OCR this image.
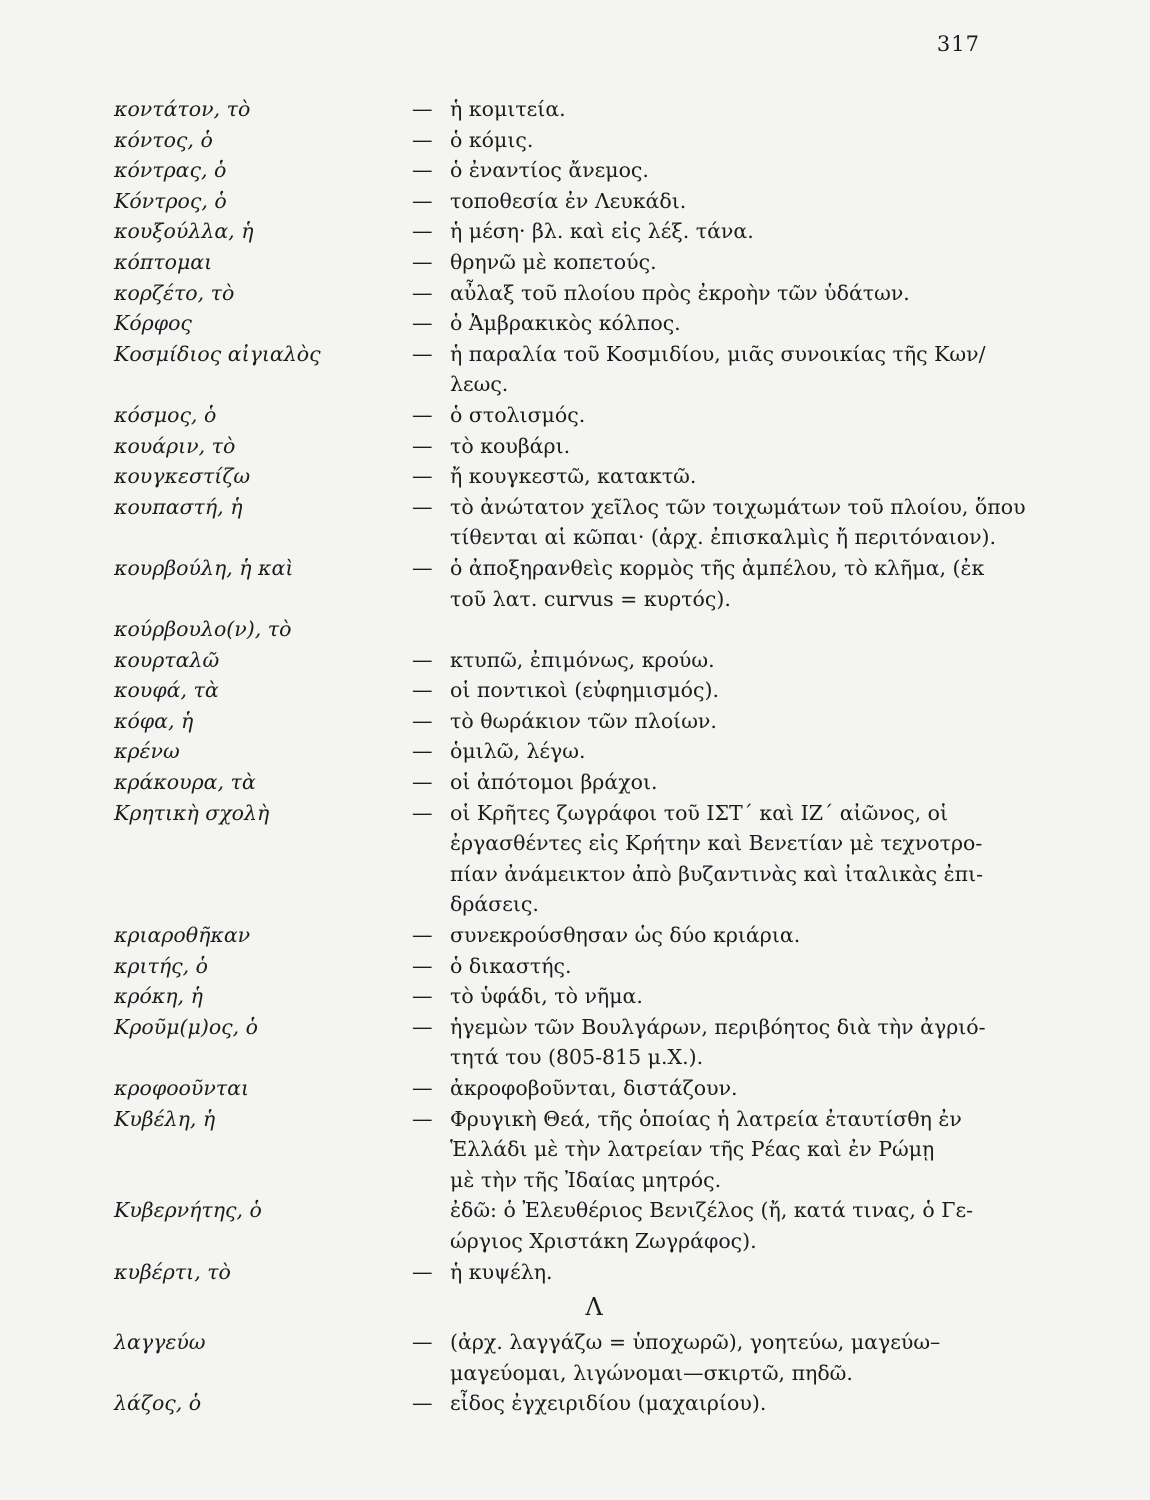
317
κοντάτον, τὸ	— ἡ κομιτεία.
κόντος, ὁ	— ὁ κόμις.
κόντρας, ὁ	— ὁ ἐναντίος ἄνεμος.
Κόντρος, ὁ	— τοποθεσία ἐν Λευκάδι.
κουξούλλα, ἡ	— ἡ μέση· βλ. καὶ εἰς λέξ. τάνα.
κόπτομαι	— θρηνῶ μὲ κοπετούς.
κορζέτο, τὸ	— αὖλαξ τοῦ πλοίου πρὸς ἐκροὴν τῶν ὑδάτων.
Κόρφος	— ὁ Ἀμβρακικὸς κόλπος.
Κοσμίδιος αἰγιαλὸς	— ἡ παραλία τοῦ Κοσμιδίου, μιᾶς συνοικίας τῆς Κων/
λεως.
κόσμος, ὁ	— ὁ στολισμός.
κουάριν, τὸ	— τὸ κουβάρι.
κουγκεστίζω	— ἤ κουγκεστῶ, κατακτῶ.
κουπαστή, ἡ	— τὸ ἀνώτατον χεῖλος τῶν τοιχωμάτων τοῦ πλοίου, ὅπου
τίθενται αἱ κῶπαι· (ἀρχ. ἐπισκαλμὶς ἤ περιτόναιον).
κουρβούλη, ἡ καὶ	— ὁ ἀποξηρανθεὶς κορμὸς τῆς ἀμπέλου, τὸ κλῆμα, (ἐκ
τοῦ λατ. curvus = κυρτός).
κούρβουλο(ν), τὸ
κουρταλῶ	— κτυπῶ, ἐπιμόνως, κρούω.
κουφά, τὰ	— οἱ ποντικοὶ (εὐφημισμός).
κόφα, ἡ	— τὸ θωράκιον τῶν πλοίων.
κρένω	— ὁμιλῶ, λέγω.
κράκουρα, τὰ	— οἱ ἀπότομοι βράχοι.
Κρητικὴ σχολὴ	— οἱ Κρῆτες ζωγράφοι τοῦ ΙΣΤ΄ καὶ ΙΖ΄ αἰῶνος, οἱ
ἐργασθέντες εἰς Κρήτην καὶ Βενετίαν μὲ τεχνοτρο-
πίαν ἀνάμεικτον ἀπὸ βυζαντινὰς καὶ ἰταλικὰς ἐπι-
δράσεις.
κριαροθῆκαν	— συνεκρούσθησαν ὡς δύο κριάρια.
κριτής, ὁ	— ὁ δικαστής.
κρόκη, ἡ	— τὸ ὑφάδι, τὸ νῆμα.
Κροῦμ(μ)ος, ὁ	— ἡγεμὼν τῶν Βουλγάρων, περιβόητος διὰ τὴν ἀγριό-
τητά του (805-815 μ.Χ.).
κροφοοῦνται	— ἀκροφοβοῦνται, διστάζουν.
Κυβέλη, ἡ	— Φρυγικὴ Θεά, τῆς ὁποίας ἡ λατρεία ἐταυτίσθη ἐν
Ἑλλάδι μὲ τὴν λατρείαν τῆς Ρέας καὶ ἐν Ρώμῃ
μὲ τὴν τῆς Ἰδαίας μητρός.
Κυβερνήτης, ὁ	ἐδῶ: ὁ Ἐλευθέριος Βενιζέλος (ἤ, κατά τινας, ὁ Γε-
ώργιος Χριστάκη Ζωγράφος).
κυβέρτι, τὸ	— ἡ κυψέλη.
Λ
λαγγεύω	— (ἀρχ. λαγγάζω = ὑποχωρῶ), γοητεύω, μαγεύω–
μαγεύομαι, λιγώνομαι—σκιρτῶ, πηδῶ.
λάζος, ὁ	— εἶδος ἐγχειριδίου (μαχαιρίου).
